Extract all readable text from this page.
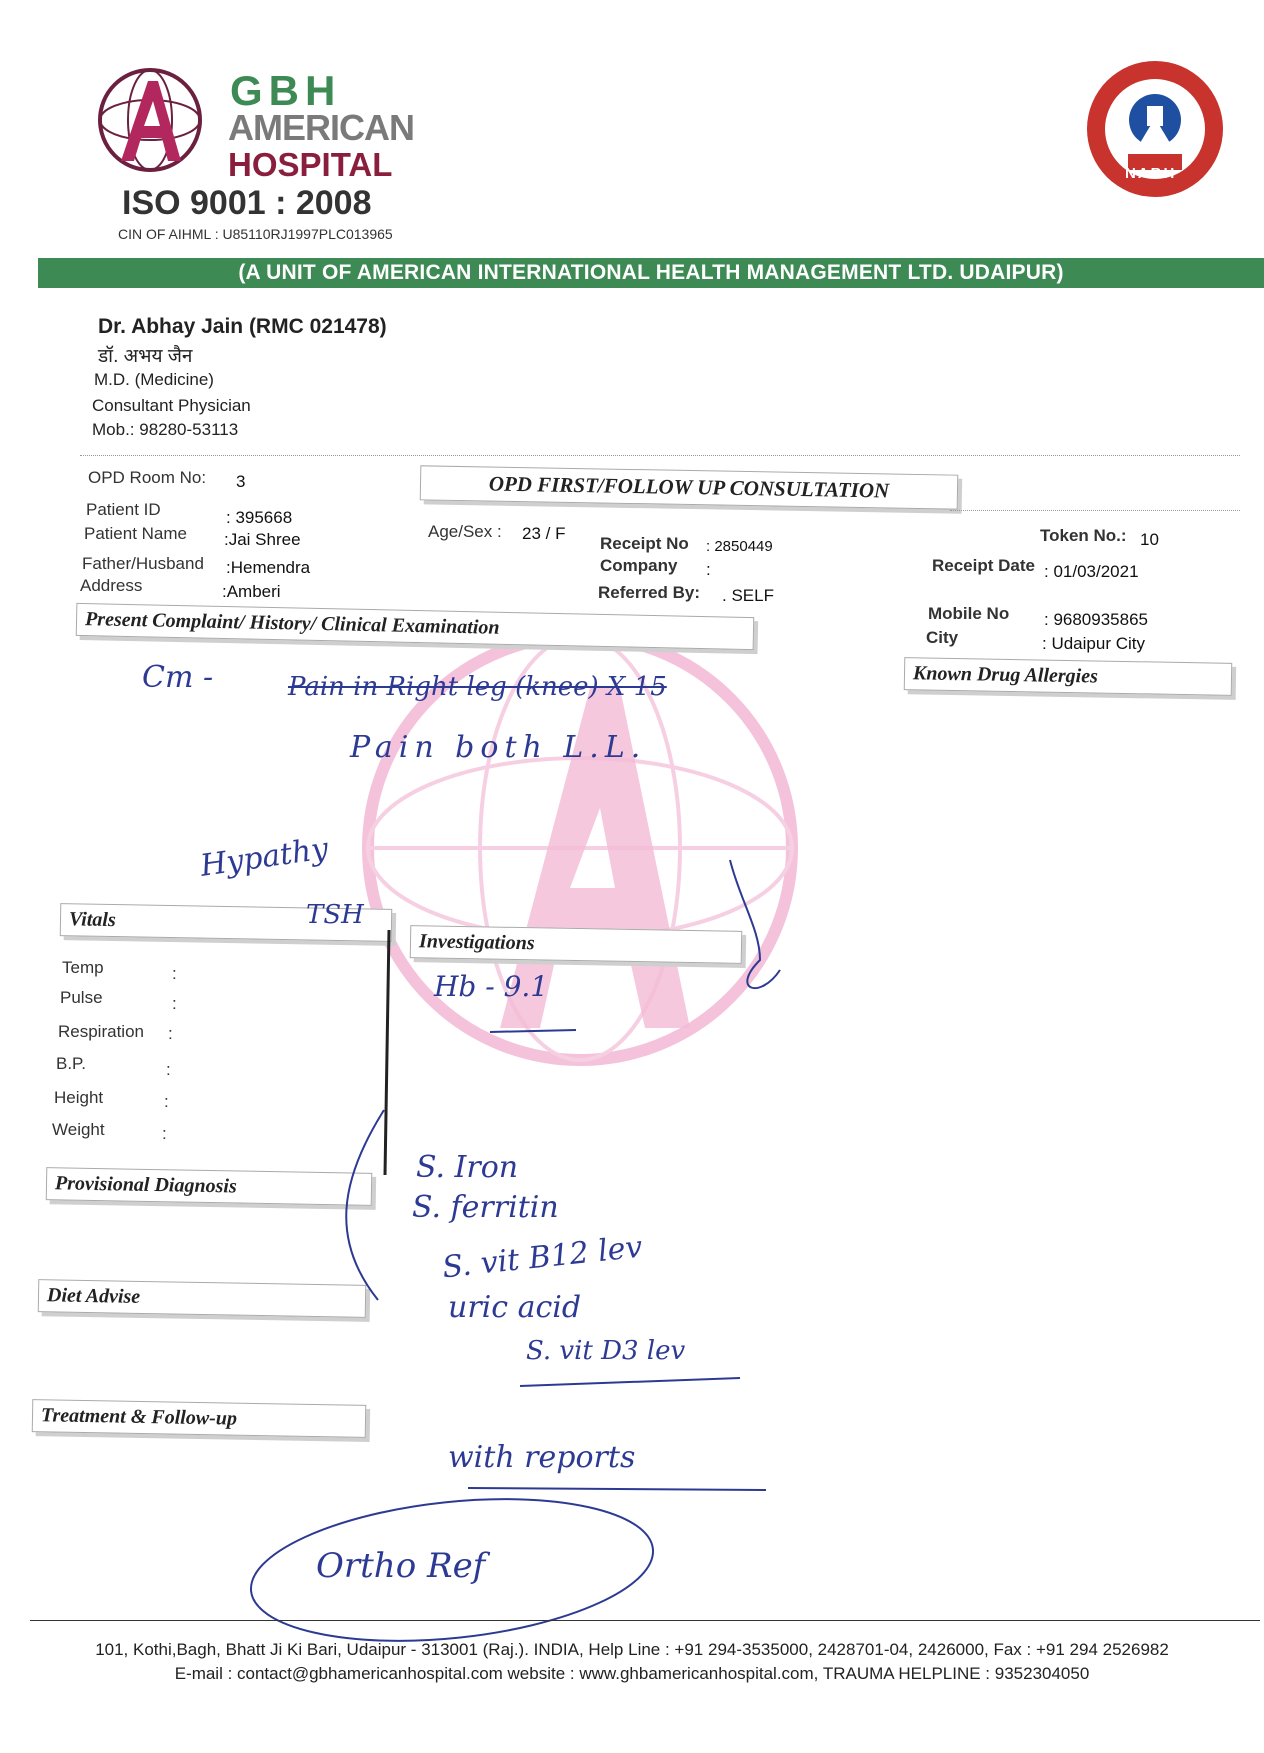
GBH
AMERICAN
HOSPITAL
ISO 9001 : 2008
CIN OF AIHML : U85110RJ1997PLC013965
NABH
(A UNIT OF AMERICAN INTERNATIONAL HEALTH MANAGEMENT LTD. UDAIPUR)
Dr. Abhay Jain (RMC 021478)
डॉ. अभय जैन
M.D. (Medicine)
Consultant Physician
Mob.: 98280-53113
OPD Room No: 3	OPD FIRST/FOLLOW UP CONSULTATION
Token No.: 10
Patient ID	: 395668
Patient Name :Jai Shree
Father/Husband :Hemendra
Address	:Amberi
Age/Sex : 23 / F
Receipt No : 2850449
Company :
Referred By: . SELF
Receipt Date : 01/03/2021
Mobile No : 9680935865
City	: Udaipur City
Present Complaint/ History/ Clinical Examination
Known Drug Allergies
Vitals
Investigations
Provisional Diagnosis
Diet Advise
Treatment & Follow-up
Temp	:
Pulse	:
Respiration :
B.P.	:
Height	:
Weight	:
Cm -	Pain in Right leg (knee) X 15
Pain both L.L.
Hypathy
TSH
Hb - 9.1
S. Iron
S. ferritin
S. vit B12 lev
uric acid
S. vit D3 lev
with reports
Ortho Ref
101, Kothi,Bagh, Bhatt Ji Ki Bari, Udaipur - 313001 (Raj.). INDIA, Help Line : +91 294-3535000, 2428701-04, 2426000, Fax : +91 294 2526982
E-mail : contact@gbhamericanhospital.com website : www.ghbamericanhospital.com, TRAUMA HELPLINE : 9352304050
